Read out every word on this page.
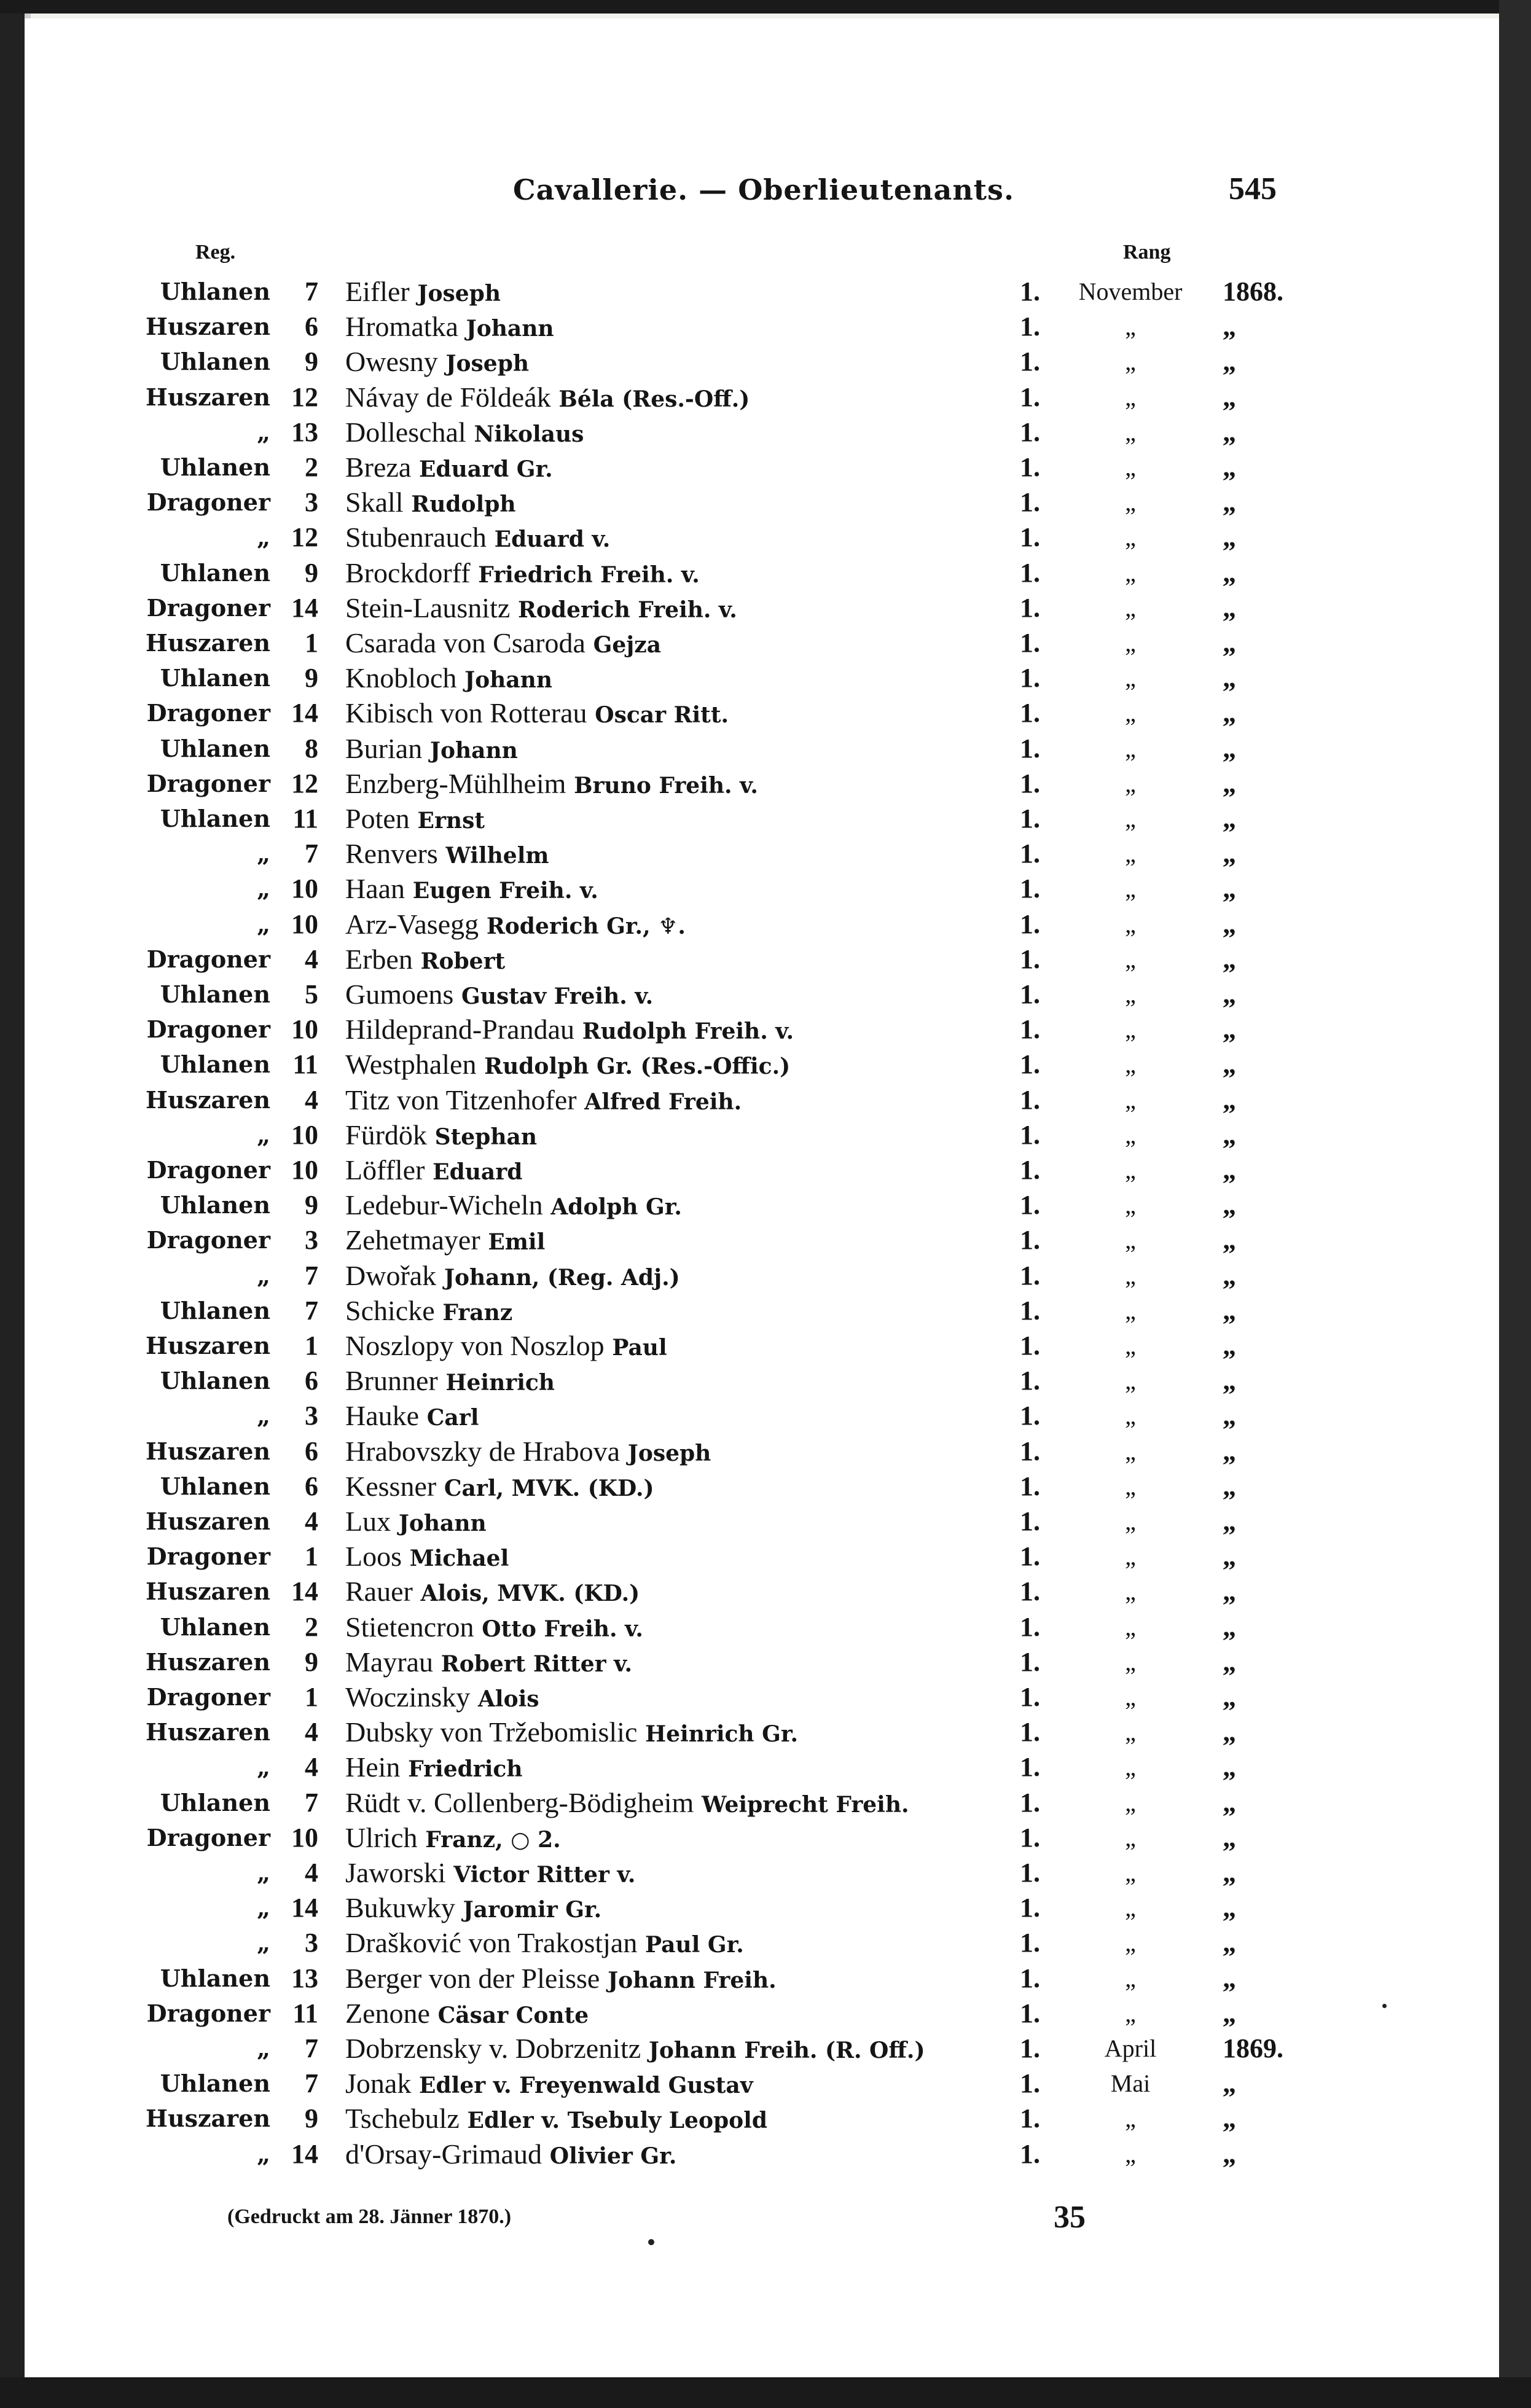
Cavallerie. — Oberlieutenants.	545
Reg.	Rang
Uhlanen	7 Eifler Joseph	1.	November	1868.
Huszaren	6 Hromatka Johann	1.	„	„
Uhlanen	9 Owesny Joseph	1.	„	„
Huszaren 12 Návay de Földeák Béla (Res.-Off.)	1.	„	„
„ 13 Dolleschal Nikolaus	1.	„	„
Uhlanen	2 Breza Eduard Gr.	1.	„	„
Dragoner	3 Skall Rudolph	1.	„	„
„ 12 Stubenrauch Eduard v.	1.	„	„
Uhlanen	9 Brockdorff Friedrich Freih. v.	1.	„	„
Dragoner 14 Stein-Lausnitz Roderich Freih. v.	1.	„	„
Huszaren	1 Csarada von Csaroda Gejza	1.	„	„
Uhlanen	9 Knobloch Johann	1.	„	„
Dragoner 14 Kibisch von Rotterau Oscar Ritt.	1.	„	„
Uhlanen	8 Burian Johann	1.	„	„
Dragoner 12 Enzberg-Mühlheim Bruno Freih. v.	1.	„	„
Uhlanen 11 Poten Ernst	1.	„	„
„	7 Renvers Wilhelm	1.	„	„
„ 10 Haan Eugen Freih. v.	1.	„	„
„ 10 Arz-Vasegg Roderich Gr., ♆.	1.	„	„
Dragoner	4 Erben Robert	1.	„	„
Uhlanen	5 Gumoens Gustav Freih. v.	1.	„	„
Dragoner 10 Hildeprand-Prandau Rudolph Freih. v.	1.	„	„
Uhlanen 11 Westphalen Rudolph Gr. (Res.-Offic.)	1.	„	„
Huszaren	4 Titz von Titzenhofer Alfred Freih.	1.	„	„
„ 10 Fürdök Stephan	1.	„	„
Dragoner 10 Löffler Eduard	1.	„	„
Uhlanen	9 Ledebur-Wicheln Adolph Gr.	1.	„	„
Dragoner	3 Zehetmayer Emil	1.	„	„
„	7 Dwořak Johann, (Reg. Adj.)	1.	„	„
Uhlanen	7 Schicke Franz	1.	„	„
Huszaren	1 Noszlopy von Noszlop Paul	1.	„	„
Uhlanen	6 Brunner Heinrich	1.	„	„
„	3 Hauke Carl	1.	„	„
Huszaren	6 Hrabovszky de Hrabova Joseph	1.	„	„
Uhlanen	6 Kessner Carl, MVK. (KD.)	1.	„	„
Huszaren	4 Lux Johann	1.	„	„
Dragoner	1 Loos Michael	1.	„	„
Huszaren 14 Rauer Alois, MVK. (KD.)	1.	„	„
Uhlanen	2 Stietencron Otto Freih. v.	1.	„	„
Huszaren	9 Mayrau Robert Ritter v.	1.	„	„
Dragoner	1 Woczinsky Alois	1.	„	„
Huszaren	4 Dubsky von Tržebomislic Heinrich Gr.	1.	„	„
„	4 Hein Friedrich	1.	„	„
Uhlanen	7 Rüdt v. Collenberg-Bödigheim Weiprecht Freih.	1.	„	„
Dragoner 10 Ulrich Franz, ○ 2.	1.	„	„
„	4 Jaworski Victor Ritter v.	1.	„	„
„ 14 Bukuwky Jaromir Gr.	1.	„	„
„	3 Drašković von Trakostjan Paul Gr.	1.	„	„
Uhlanen 13 Berger von der Pleisse Johann Freih.	1.	„	„
Dragoner 11 Zenone Cäsar Conte	1.	„	„
„	7 Dobrzensky v. Dobrzenitz Johann Freih. (R. Off.)	1.	April	1869.
Uhlanen	7 Jonak Edler v. Freyenwald Gustav	1.	Mai	„
Huszaren	9 Tschebulz Edler v. Tsebuly Leopold	1.	„	„
„ 14 d'Orsay-Grimaud Olivier Gr.	1.	„	„
(Gedruckt am 28. Jänner 1870.)	35
